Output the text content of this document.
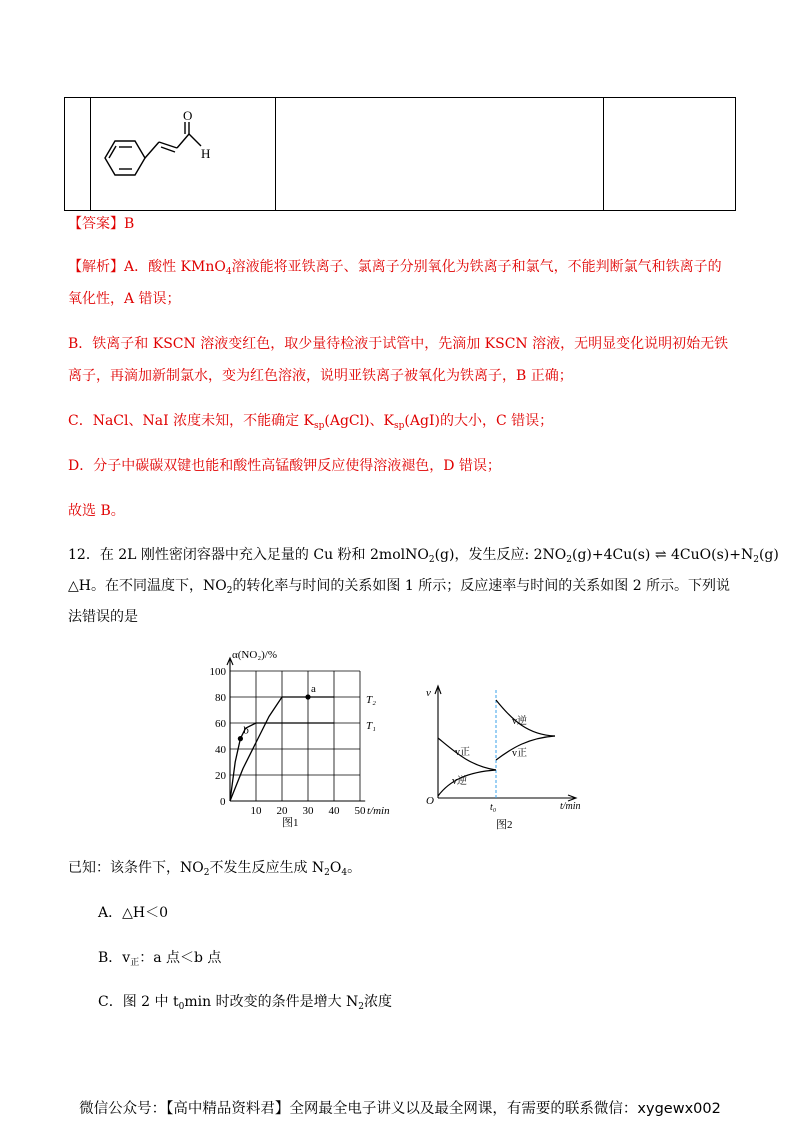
O
H

【答案】B
【解析】A．酸性 KMnO$_4$溶液能将亚铁离子、氯离子分别氧化为铁离子和氯气，不能判断氯气和铁离子的
氧化性，A 错误；
B．铁离子和 KSCN 溶液变红色，取少量待检液于试管中，先滴加 KSCN 溶液，无明显变化说明初始无铁
离子，再滴加新制氯水，变为红色溶液，说明亚铁离子被氧化为铁离子，B 正确；
C．NaCl、NaI 浓度未知，不能确定 $K_{sp}(AgCl)$、$K_{sp}(AgI)$的大小，C 错误；
D．分子中碳碳双键也能和酸性高锰酸钾反应使得溶液褪色，D 错误；
故选 B。
12．在 2L 刚性密闭容器中充入足量的 Cu 粉和 2molNO$_2$(g)，发生反应: $2NO_2(g)+4Cu(s)$ ⇌ $4CuO(s)+N_2(g)$
△H。在不同温度下，$NO_2$的转化率与时间的关系如图 1 所示；反应速率与时间的关系如图 2 所示。下列说
法错误的是
100
80
60
40
20
10 20 30 40 50
a
b
α(NO₂)/%
t/min
0
T₂
T₁
图1
v正
v逆
v逆
v正
v
O
t₀	t/min
图2
已知：该条件下，$NO_2$不发生反应生成 $N_2O_4$。
A．△H＜0
B．$v_正$：a 点＜b 点
C．图 2 中 $t_0\min$ 时改变的条件是增大 $N_2$浓度
微信公众号：【高中精品资料君】全网最全电子讲义以及最全网课，有需要的联系微信：xygewx002
